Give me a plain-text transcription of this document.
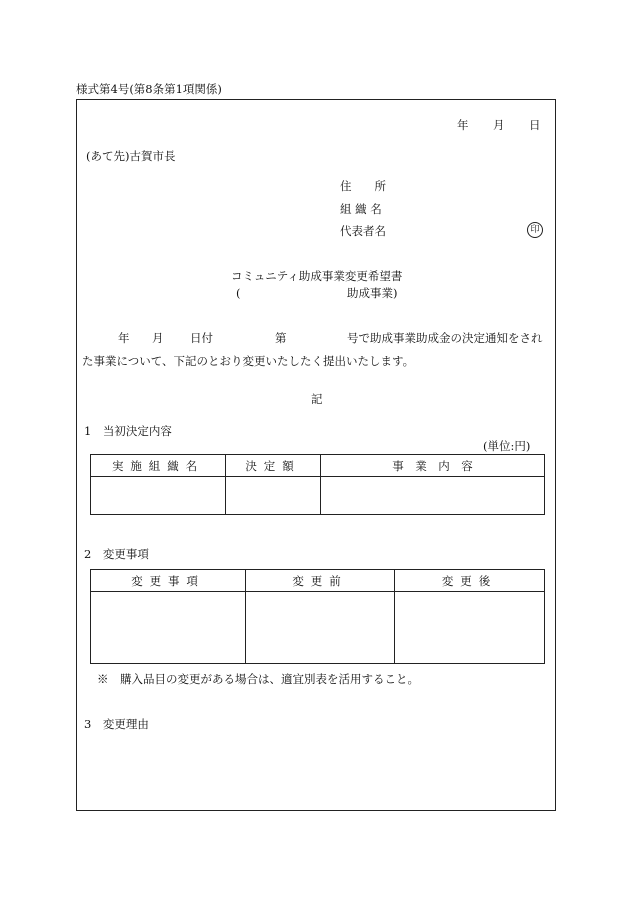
様式第4号(第8条第1項関係)
年 月 日
(あて先)古賀市長
住　　所
組 織 名
代表者名	印
コミュニティ助成事業変更希望書
(	助成事業)
年 月 日付	第	号で助成事業助成金の決定通知をされ
た事業について、下記のとおり変更いたしたく提出いたします。
記
1　当初決定内容
(単位:円)
実施組織名	決定額	事　業　内　容

2　変更事項
変更事項	変更前	変更後

※　購入品目の変更がある場合は、適宜別表を活用すること。
3　変更理由
